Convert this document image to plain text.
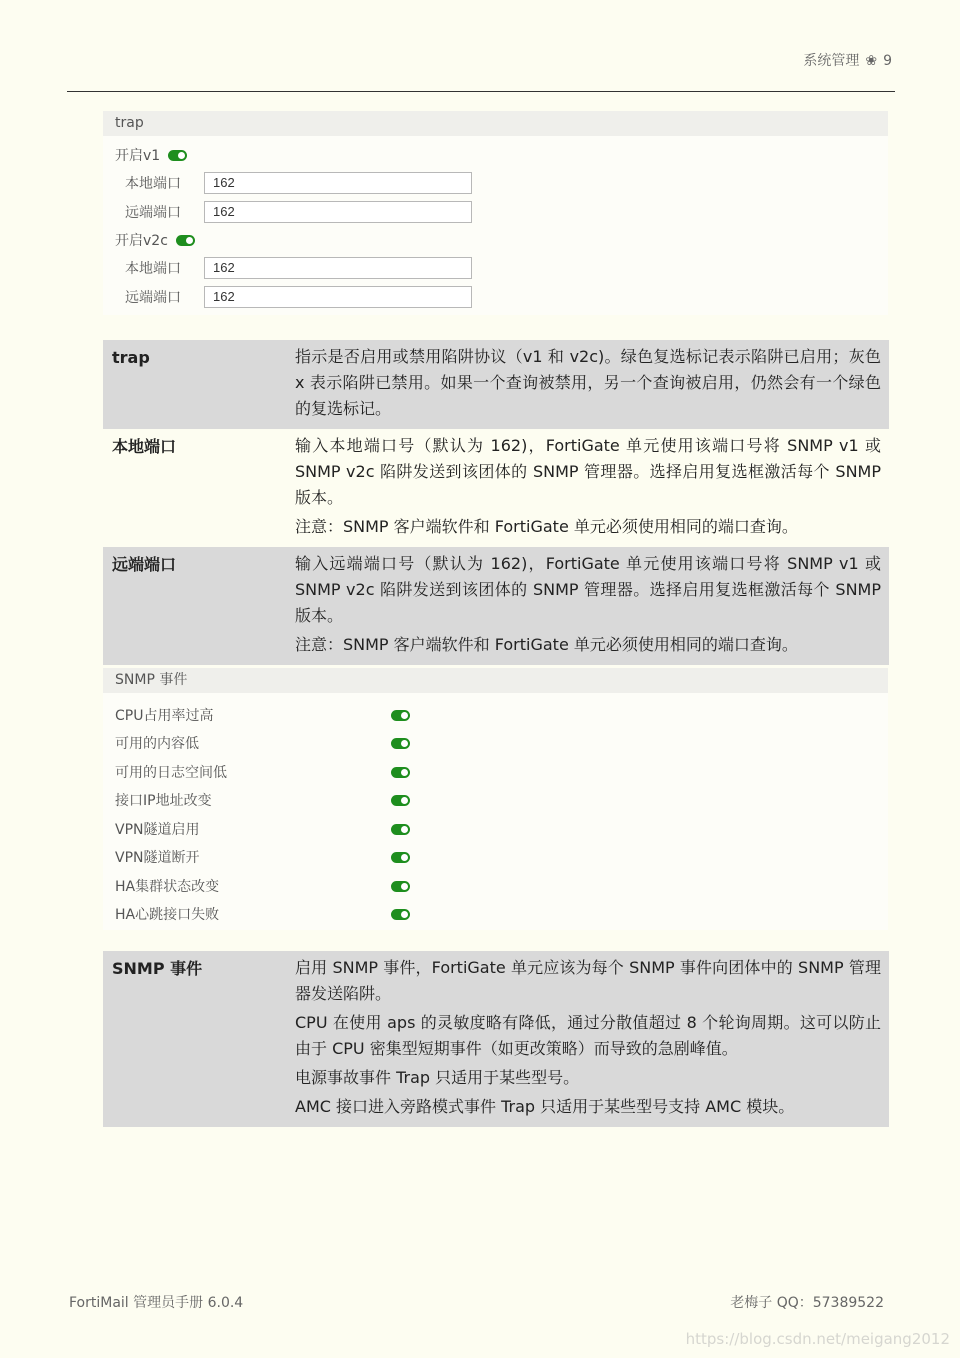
系统管理 ❀ 9
trap
开启v1
本地端口	162
远端端口	162
开启v2c
本地端口	162
远端端口	162
trap	指示是否启用或禁用陷阱协议（v1 和 v2c)。绿色复选标记表示陷阱已启用；灰色 x 表示陷阱已禁用。如果一个查询被禁用，另一个查询被启用，仍然会有一个绿色的复选标记。

本地端口	输入本地端口号（默认为 162)，FortiGate 单元使用该端口号将 SNMP v1 或 SNMP v2c 陷阱发送到该团体的 SNMP 管理器。选择启用复选框激活每个 SNMP 版本。

注意：SNMP 客户端软件和 FortiGate 单元必须使用相同的端口查询。

远端端口	输入远端端口号（默认为 162)，FortiGate 单元使用该端口号将 SNMP v1 或 SNMP v2c 陷阱发送到该团体的 SNMP 管理器。选择启用复选框激活每个 SNMP 版本。

注意：SNMP 客户端软件和 FortiGate 单元必须使用相同的端口查询。

SNMP 事件
CPU占用率过高
可用的内容低
可用的日志空间低
接口IP地址改变
VPN隧道启用
VPN隧道断开
HA集群状态改变
HA心跳接口失败
SNMP 事件	启用 SNMP 事件，FortiGate 单元应该为每个 SNMP 事件向团体中的 SNMP 管理器发送陷阱。

CPU 在使用 aps 的灵敏度略有降低，通过分散值超过 8 个轮询周期。这可以防止由于 CPU 密集型短期事件（如更改策略）而导致的急剧峰值。

电源事故事件 Trap 只适用于某些型号。

AMC 接口进入旁路模式事件 Trap 只适用于某些型号支持 AMC 模块。

FortiMail 管理员手册 6.0.4	老梅子 QQ：57389522
https://blog.csdn.net/meigang2012
